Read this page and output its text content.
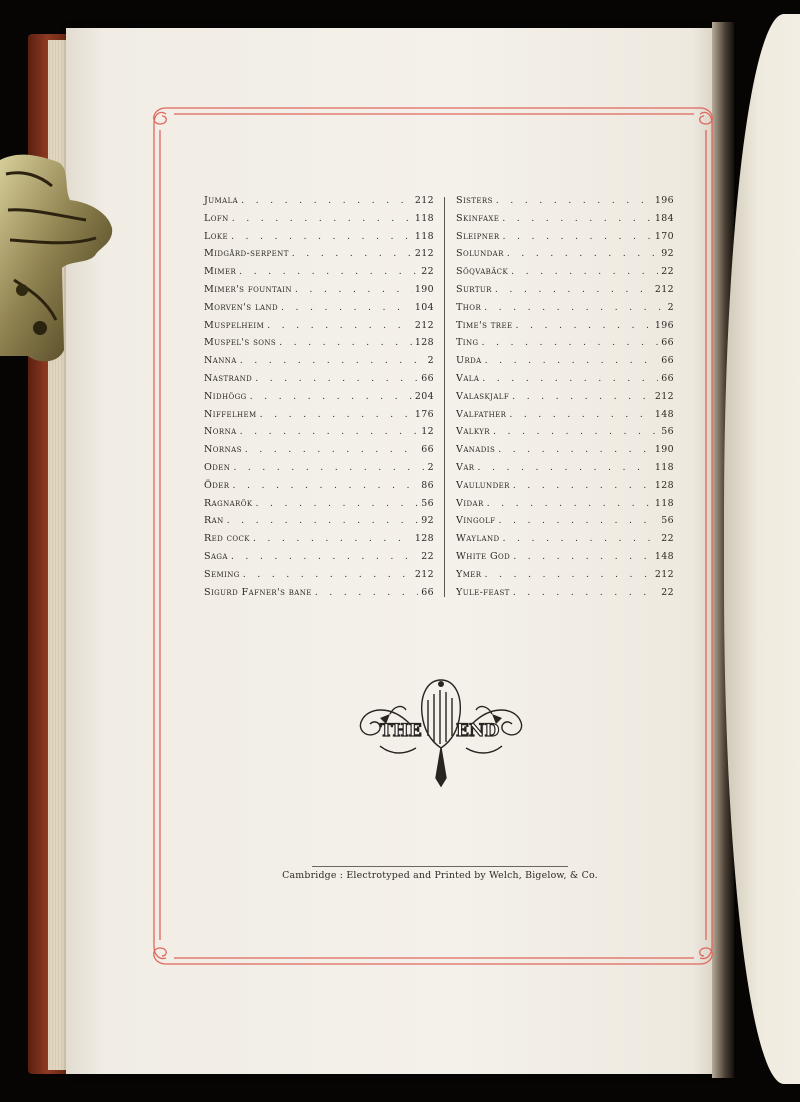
Jumala . . .	212
Lofn . . .	118
Loke . . .	118
Midgård-serpent . . .	212
Mimer . . .	22
Mimer's fountain . . .	190
Morven's land . . .	104
Muspelheim . . .	212
Muspel's sons . . .	128
Nanna . . .	2
Nastrand . . .	66
Nidhögg . . .	204
Niffelhem . . .	176
Norna . . .	12
Nornas . . .	66
Oden . . .	2
Öder . . .	86
Ragnarök . . .	56
Ran . . .	92
Red cock . . .	128
Saga . . .	22
Seming . . .	212
Sigurd Fafner's bane . . .	66
Sisters . . .	196
Skinfaxe . . .	184
Sleipner . . .	170
Solundar . . .	92
Söqvabäck . . .	22
Surtur . . .	212
Thor . . .	2
Time's tree . . .	196
Ting . . .	66
Urda . . .	66
Vala . . .	66
Valaskjalf . . .	212
Valfather . . .	148
Valkyr . . .	56
Vanadis . . .	190
Var . . .	118
Vaulunder . . .	128
Vidar . . .	118
Vingolf . . .	56
Wayland . . .	22
White God . . .	148
Ymer . . .	212
Yule-feast . . .	22
THE END
Cambridge : Electrotyped and Printed by Welch, Bigelow, & Co.
